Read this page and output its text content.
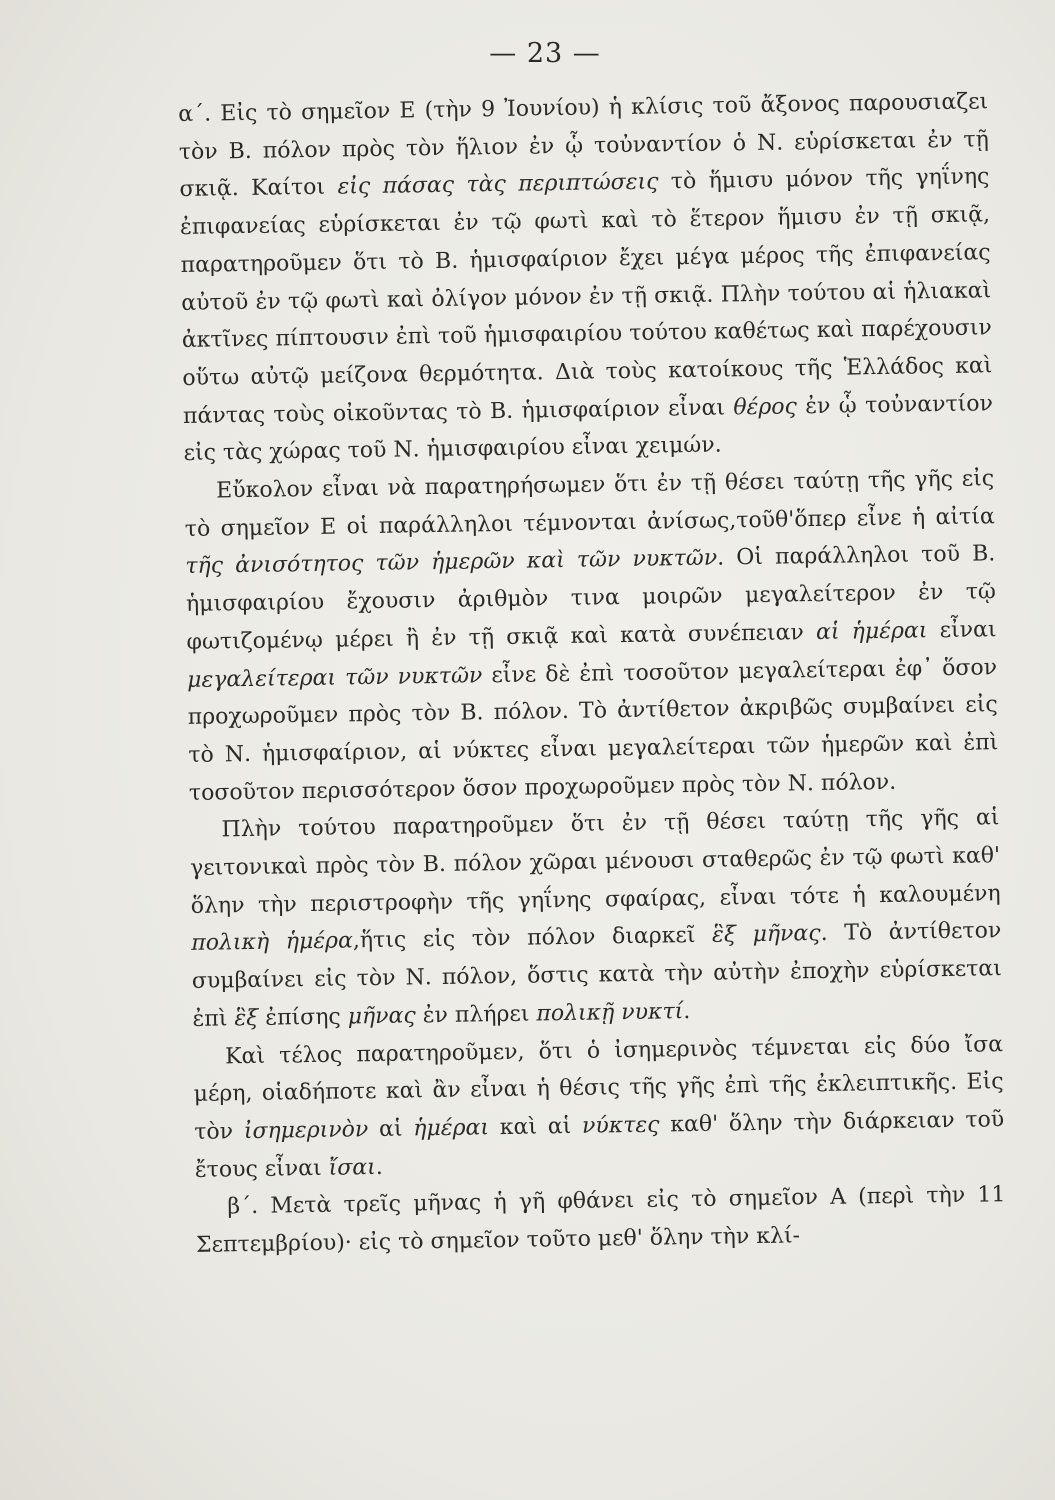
— 23 —

α΄. Εἰς τὸ σημεῖον Ε (τὴν 9 Ἰουνίου) ἡ κλίσις τοῦ ἄξονος παρουσιαζει τὸν Β. πόλον πρὸς τὸν ἥλιον ἐν ᾧ τοὐναντίον ὁ Ν. εὑρίσκεται ἐν τῇ σκιᾷ. Καίτοι εἰς πάσας τὰς περιπτώσεις τὸ ἥμισυ μόνον τῆς γηΐνης ἐπιφανείας εὑρίσκεται ἐν τῷ φωτὶ καὶ τὸ ἕτερον ἥμισυ ἐν τῇ σκιᾷ, παρατηροῦμεν ὅτι τὸ Β. ἡμισφαίριον ἔχει μέγα μέρος τῆς ἐπιφανείας αὐτοῦ ἐν τῷ φωτὶ καὶ ὀλίγον μόνον ἐν τῇ σκιᾷ. Πλὴν τούτου αἱ ἡλιακαὶ ἀκτῖνες πίπτουσιν ἐπὶ τοῦ ἡμισφαιρίου τούτου καθέτως καὶ παρέχουσιν οὕτω αὐτῷ μείζονα θερμότητα. Διὰ τοὺς κατοίκους τῆς Ἑλλάδος καὶ πάντας τοὺς οἰκοῦντας τὸ Β. ἡμισφαίριον εἶναι θέρος ἐν ᾧ τοὐναντίον εἰς τὰς χώρας τοῦ Ν. ἡμισφαιρίου εἶναι χειμών.

Εὔκολον εἶναι νὰ παρατηρήσωμεν ὅτι ἐν τῇ θέσει ταύτῃ τῆς γῆς εἰς τὸ σημεῖον Ε οἱ παράλληλοι τέμνονται ἀνίσως,τοῦθ'ὅπερ εἶνε ἡ αἰτία τῆς ἀνισότητος τῶν ἡμερῶν καὶ τῶν νυκτῶν. Οἱ παράλληλοι τοῦ Β. ἡμισφαιρίου ἔχουσιν ἀριθμὸν τινα μοιρῶν μεγαλείτερον ἐν τῷ φωτιζομένῳ μέρει ἢ ἐν τῇ σκιᾷ καὶ κατὰ συνέπειαν αἱ ἡμέραι εἶναι μεγαλείτεραι τῶν νυκτῶν εἶνε δὲ ἐπὶ τοσοῦτον μεγαλείτεραι ἐφ᾽ ὅσον προχωροῦμεν πρὸς τὸν Β. πόλον. Τὸ ἀντίθετον ἀκριβῶς συμβαίνει εἰς τὸ Ν. ἡμισφαίριον, αἱ νύκτες εἶναι μεγαλείτεραι τῶν ἡμερῶν καὶ ἐπὶ τοσοῦτον περισσότερον ὅσον προχωροῦμεν πρὸς τὸν Ν. πόλον.

Πλὴν τούτου παρατηροῦμεν ὅτι ἐν τῇ θέσει ταύτῃ τῆς γῆς αἱ γειτονικαὶ πρὸς τὸν Β. πόλον χῶραι μένουσι σταθερῶς ἐν τῷ φωτὶ καθ' ὅλην τὴν περιστροφὴν τῆς γηΐνης σφαίρας, εἶναι τότε ἡ καλουμένη πολικὴ ἡμέρα,ἥτις εἰς τὸν πόλον διαρκεῖ ἓξ μῆνας. Τὸ ἀντίθετον συμβαίνει εἰς τὸν Ν. πόλον, ὅστις κατὰ τὴν αὐτὴν ἐποχὴν εὑρίσκεται ἐπὶ ἓξ ἐπίσης μῆνας ἐν πλήρει πολικῇ νυκτί.

Καὶ τέλος παρατηροῦμεν, ὅτι ὁ ἰσημερινὸς τέμνεται εἰς δύο ἴσα μέρη, οἱαδήποτε καὶ ἂν εἶναι ἡ θέσις τῆς γῆς ἐπὶ τῆς ἐκλειπτικῆς. Εἰς τὸν ἰσημερινὸν αἱ ἡμέραι καὶ αἱ νύκτες καθ' ὅλην τὴν διάρκειαν τοῦ ἔτους εἶναι ἴσαι.

β΄. Μετὰ τρεῖς μῆνας ἡ γῆ φθάνει εἰς τὸ σημεῖον Α (περὶ τὴν 11 Σεπτεμβρίου)· εἰς τὸ σημεῖον τοῦτο μεθ' ὅλην τὴν κλί-
